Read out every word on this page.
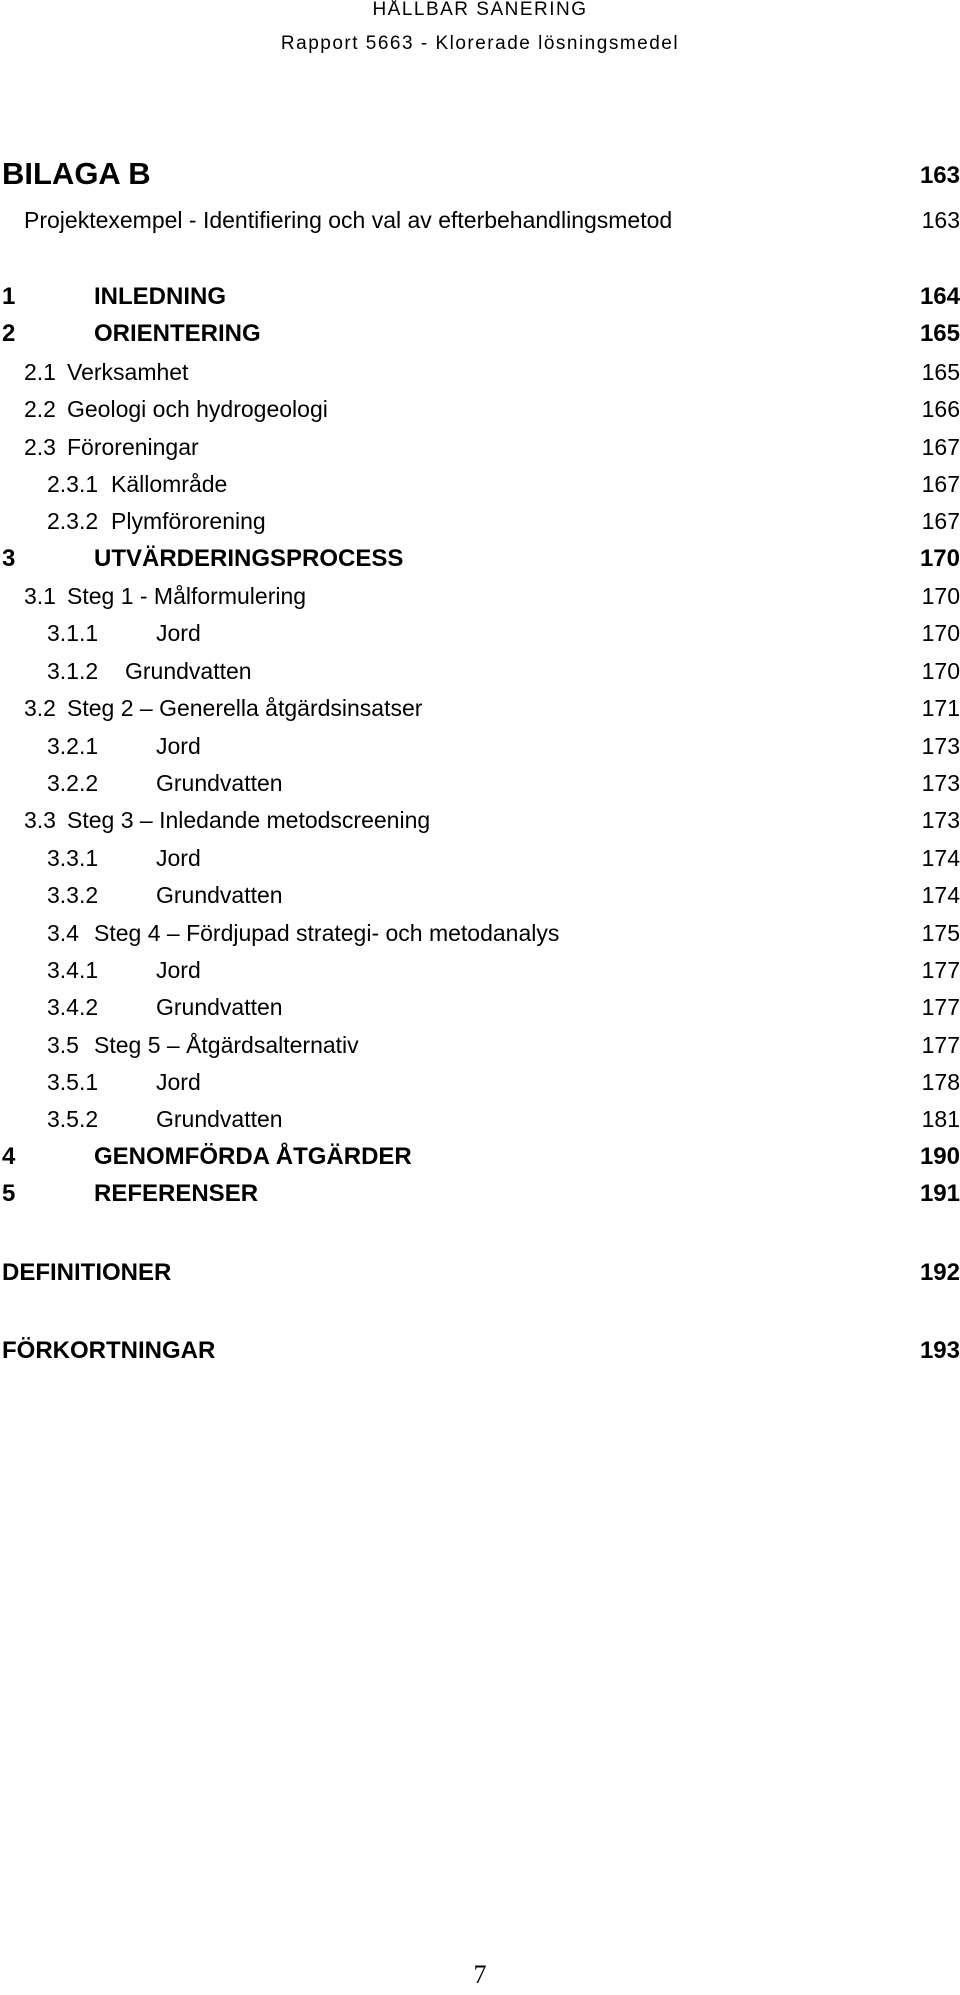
HÅLLBAR SANERING
Rapport 5663 - Klorerade lösningsmedel
BILAGA B	163
Projektexempel - Identifiering och val av efterbehandlingsmetod	163
1	INLEDNING	164
2	ORIENTERING	165
2.1 Verksamhet	165
2.2 Geologi och hydrogeologi	166
2.3 Föroreningar	167
2.3.1 Källområde	167
2.3.2 Plymförorening	167
3	UTVÄRDERINGSPROCESS	170
3.1 Steg 1 - Målformulering	170
3.1.1	Jord	170
3.1.2 Grundvatten	170
3.2 Steg 2 – Generella åtgärdsinsatser	171
3.2.1	Jord	173
3.2.2	Grundvatten	173
3.3 Steg 3 – Inledande metodscreening	173
3.3.1	Jord	174
3.3.2	Grundvatten	174
3.4 Steg 4 – Fördjupad strategi- och metodanalys	175
3.4.1	Jord	177
3.4.2	Grundvatten	177
3.5 Steg 5 – Åtgärdsalternativ	177
3.5.1	Jord	178
3.5.2	Grundvatten	181
4	GENOMFÖRDA ÅTGÄRDER	190
5	REFERENSER	191
DEFINITIONER	192
FÖRKORTNINGAR	193
7
